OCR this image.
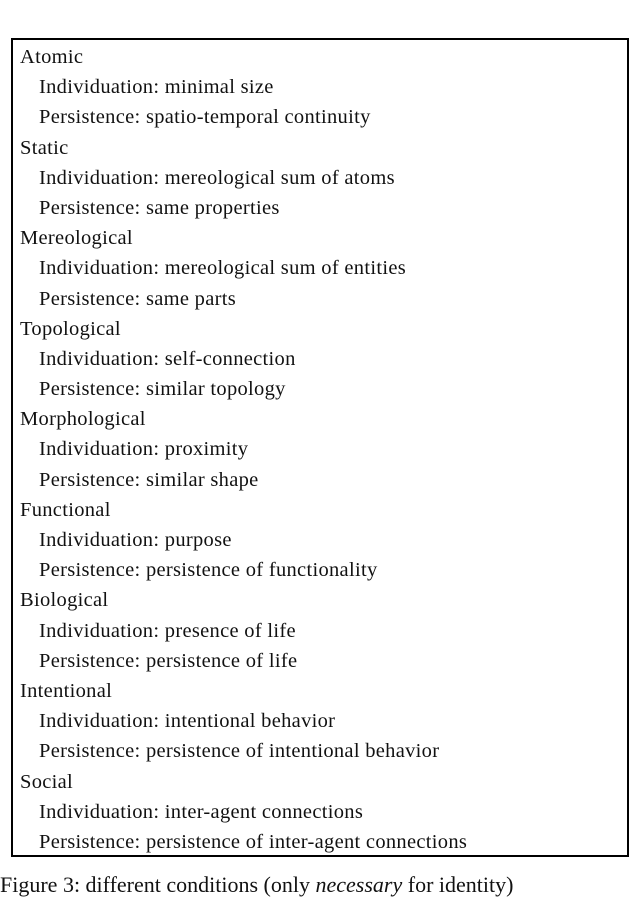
Atomic
Individuation: minimal size
Persistence: spatio-temporal continuity
Static
Individuation: mereological sum of atoms
Persistence: same properties
Mereological
Individuation: mereological sum of entities
Persistence: same parts
Topological
Individuation: self-connection
Persistence: similar topology
Morphological
Individuation: proximity
Persistence: similar shape
Functional
Individuation: purpose
Persistence: persistence of functionality
Biological
Individuation: presence of life
Persistence: persistence of life
Intentional
Individuation: intentional behavior
Persistence: persistence of intentional behavior
Social
Individuation: inter-agent connections
Persistence: persistence of inter-agent connections
Figure 3: different conditions (only necessary for identity)
